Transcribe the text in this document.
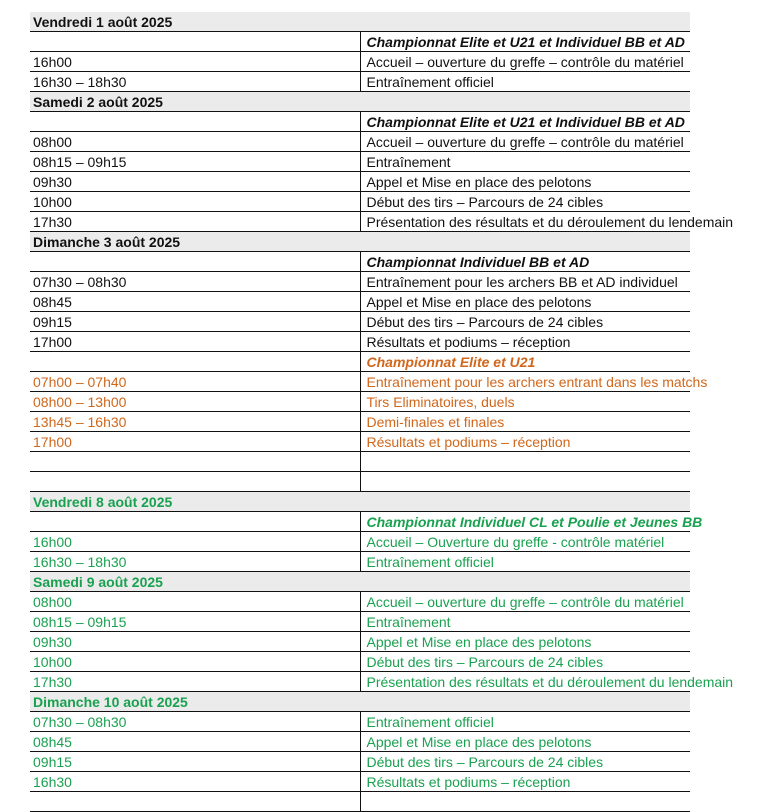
Vendredi 1 août 2025	
	Championnat Elite et U21 et Individuel BB et AD
16h00	Accueil – ouverture du greffe – contrôle du matériel
16h30 – 18h30	Entraînement officiel
Samedi 2 août 2025	
	Championnat Elite et U21 et Individuel BB et AD
08h00	Accueil – ouverture du greffe – contrôle du matériel
08h15 – 09h15	Entraînement
09h30	Appel et Mise en place des pelotons
10h00	Début des tirs – Parcours de 24 cibles
17h30	Présentation des résultats et du déroulement du lendemain
Dimanche 3 août 2025	
	Championnat Individuel BB et AD
07h30 – 08h30	Entraînement pour les archers BB et AD individuel
08h45	Appel et Mise en place des pelotons
09h15	Début des tirs – Parcours de 24 cibles
17h00	Résultats et podiums – réception
	Championnat Elite et U21
07h00 – 07h40	Entraînement pour les archers entrant dans les matchs
08h00 – 13h00	Tirs Eliminatoires, duels
13h45 – 16h30	Demi-finales et finales
17h00	Résultats et podiums – réception

Vendredi 8 août 2025	
	Championnat Individuel CL et Poulie et Jeunes BB
16h00	Accueil – Ouverture du greffe - contrôle matériel
16h30 – 18h30	Entraînement officiel
Samedi 9 août 2025	
08h00	Accueil – ouverture du greffe – contrôle du matériel
08h15 – 09h15	Entraînement
09h30	Appel et Mise en place des pelotons
10h00	Début des tirs – Parcours de 24 cibles
17h30	Présentation des résultats et du déroulement du lendemain
Dimanche 10 août 2025	
07h30 – 08h30	Entraînement officiel
08h45	Appel et Mise en place des pelotons
09h15	Début des tirs – Parcours de 24 cibles
16h30	Résultats et podiums – réception
